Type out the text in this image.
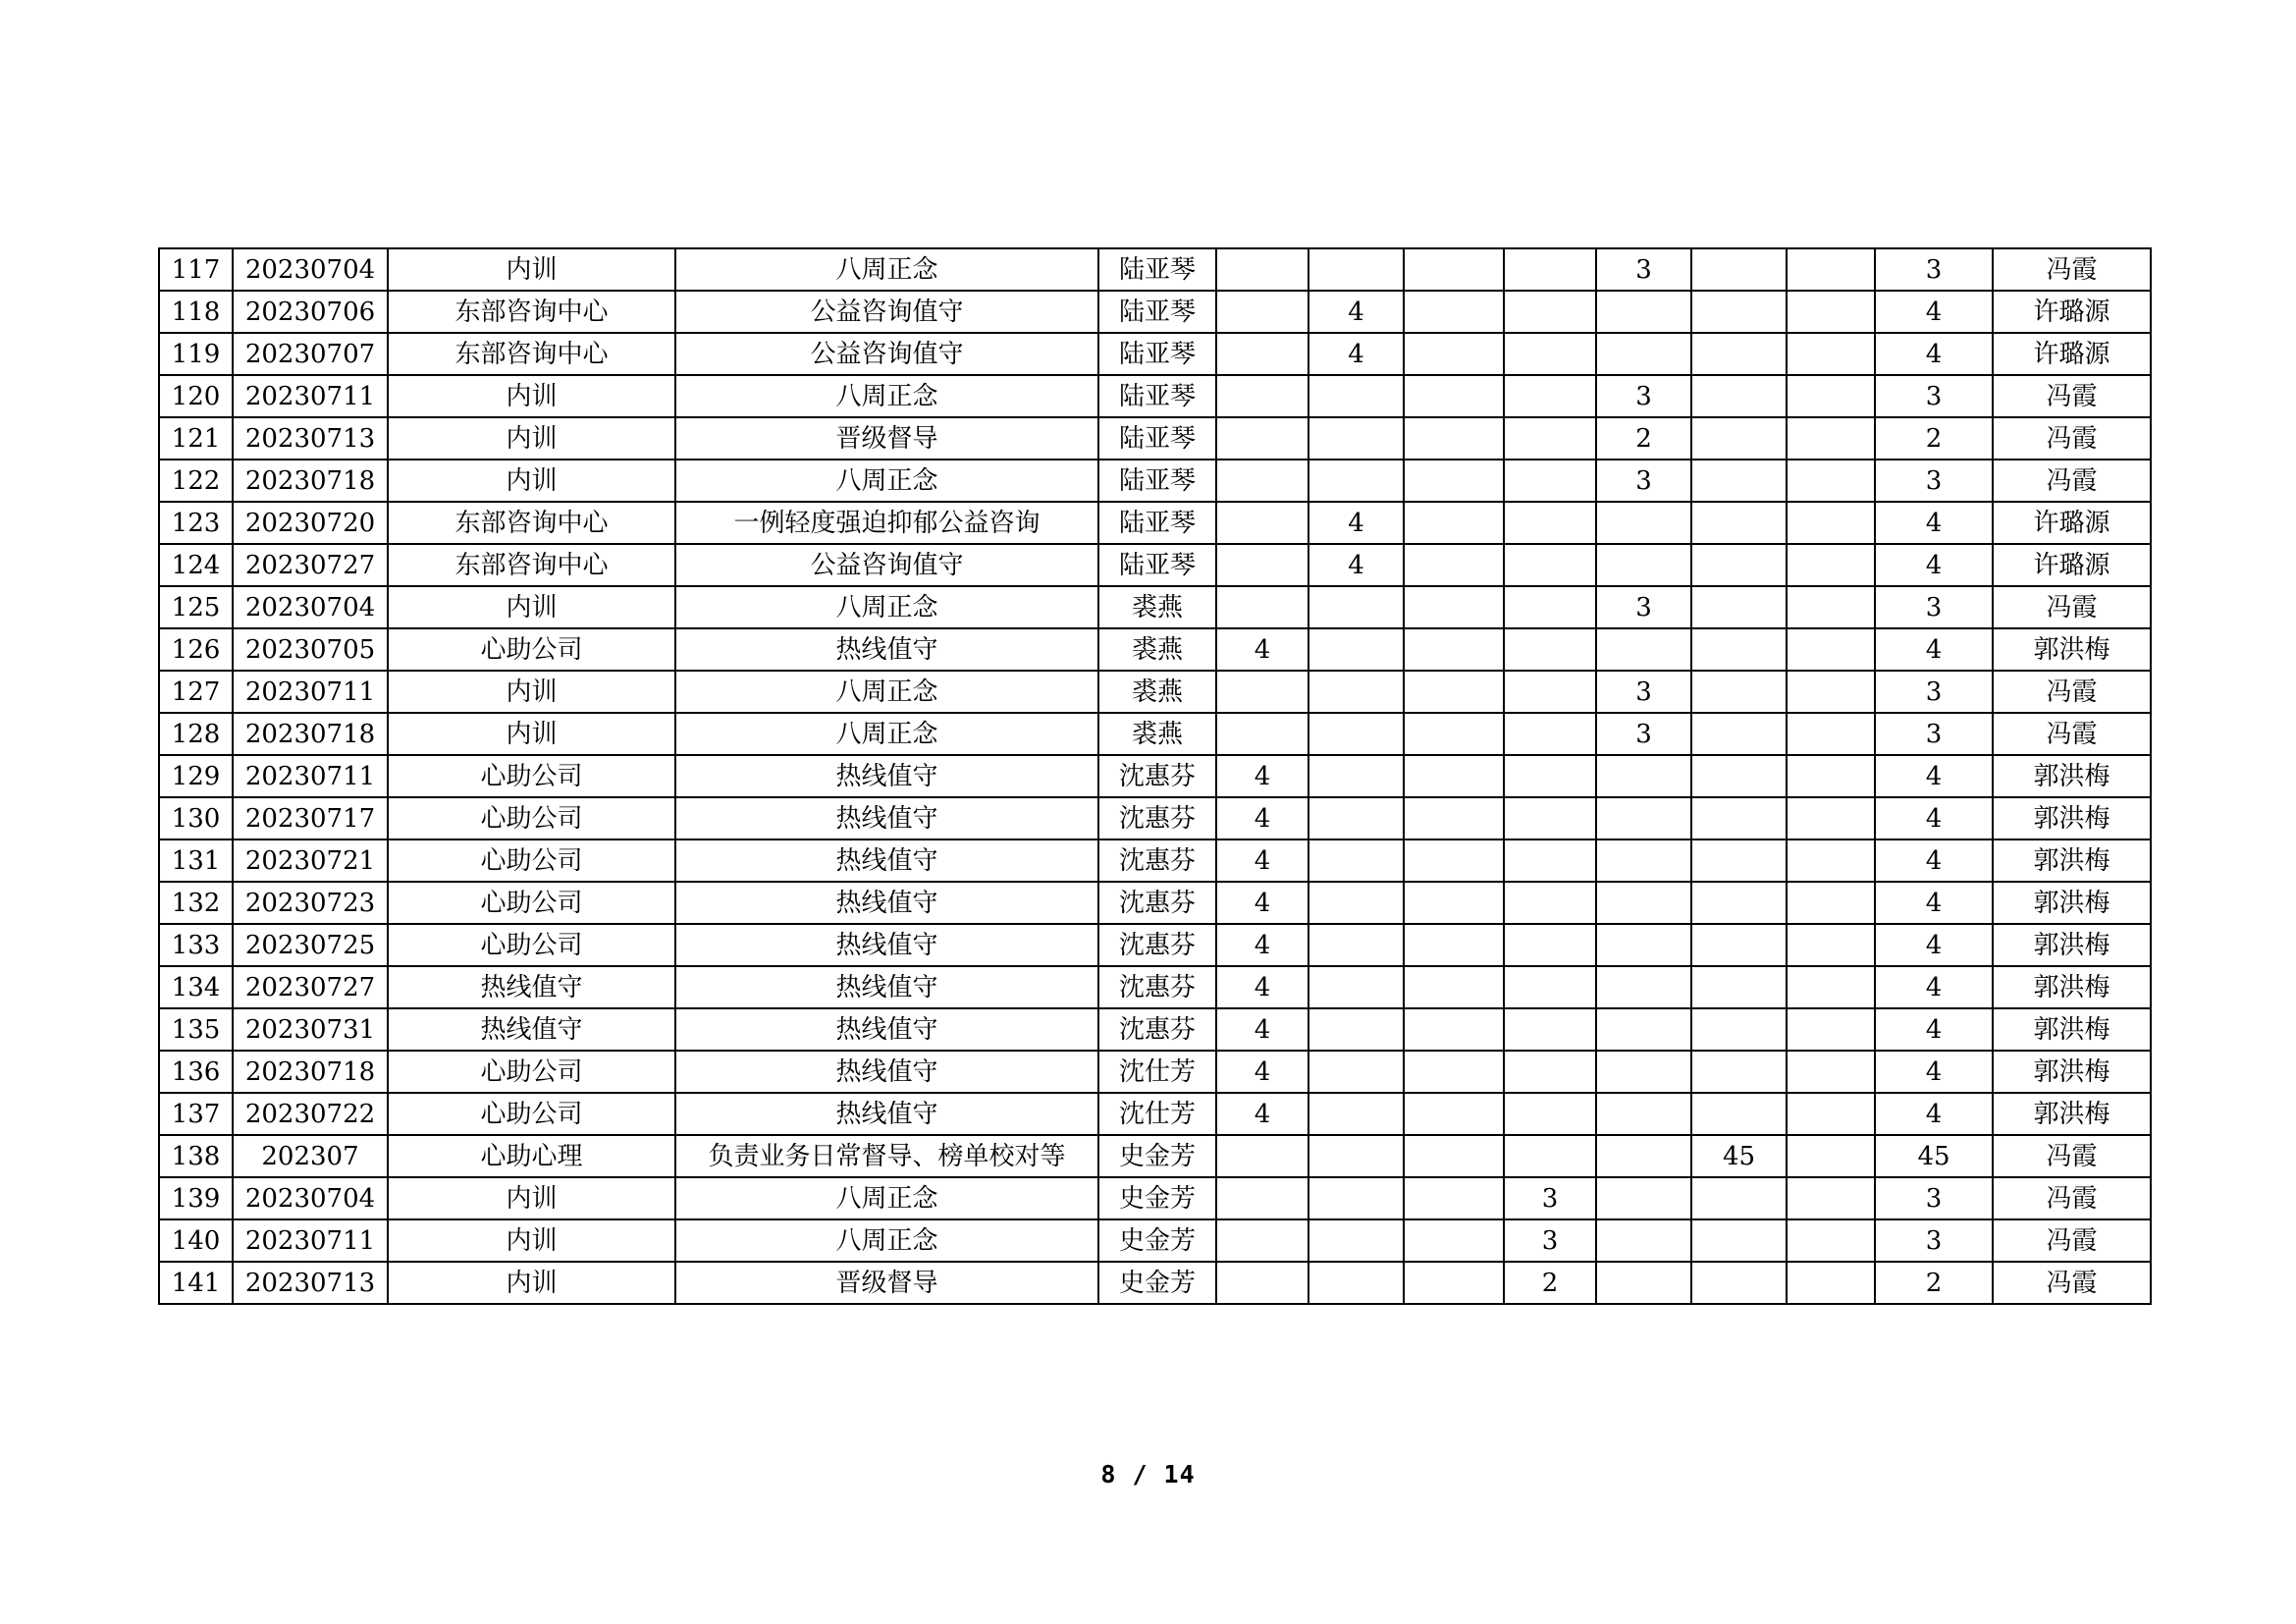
117	20230704	内训	八周正念	陆亚琴					3			3	冯霞
118	20230706	东部咨询中心	公益咨询值守	陆亚琴		4						4	许璐源
119	20230707	东部咨询中心	公益咨询值守	陆亚琴		4						4	许璐源
120	20230711	内训	八周正念	陆亚琴					3			3	冯霞
121	20230713	内训	晋级督导	陆亚琴					2			2	冯霞
122	20230718	内训	八周正念	陆亚琴					3			3	冯霞
123	20230720	东部咨询中心	一例轻度强迫抑郁公益咨询	陆亚琴		4						4	许璐源
124	20230727	东部咨询中心	公益咨询值守	陆亚琴		4						4	许璐源
125	20230704	内训	八周正念	裘燕					3			3	冯霞
126	20230705	心助公司	热线值守	裘燕	4							4	郭洪梅
127	20230711	内训	八周正念	裘燕					3			3	冯霞
128	20230718	内训	八周正念	裘燕					3			3	冯霞
129	20230711	心助公司	热线值守	沈惠芬	4							4	郭洪梅
130	20230717	心助公司	热线值守	沈惠芬	4							4	郭洪梅
131	20230721	心助公司	热线值守	沈惠芬	4							4	郭洪梅
132	20230723	心助公司	热线值守	沈惠芬	4							4	郭洪梅
133	20230725	心助公司	热线值守	沈惠芬	4							4	郭洪梅
134	20230727	热线值守	热线值守	沈惠芬	4							4	郭洪梅
135	20230731	热线值守	热线值守	沈惠芬	4							4	郭洪梅
136	20230718	心助公司	热线值守	沈仕芳	4							4	郭洪梅
137	20230722	心助公司	热线值守	沈仕芳	4							4	郭洪梅
138	202307	心助心理	负责业务日常督导、榜单校对等	史金芳						45		45	冯霞
139	20230704	内训	八周正念	史金芳				3				3	冯霞
140	20230711	内训	八周正念	史金芳				3				3	冯霞
141	20230713	内训	晋级督导	史金芳				2				2	冯霞
8 / 14
